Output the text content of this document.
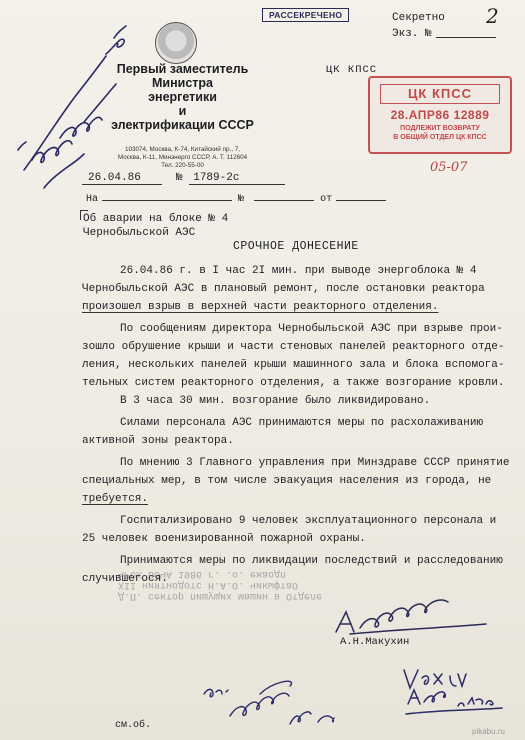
Первый заместитель
Министра
энергетики
и
электрификации СССР
103074, Москва, К-74, Китайский пр., 7,
Москва, К-11, Минэнерго СССР, А. Т. 112604
Тел. 220-55-00
РАССЕКРЕЧЕНО	Секретно
Экз. №
2
ЦК КПСС
ЦК КПСС
28.АПР86 12889
ПОДЛЕЖИТ ВОЗВРАТУ
В ОБЩИЙ ОТДЕЛ ЦК КПСС
05-07
26.04.86	№ 1789-2с
На	№	от
Об аварии на блоке № 4
Чернобыльской АЭС
СРОЧНОЕ ДОНЕСЕНИЕ
26.04.86 г. в I час 2I мин. при выводе энергоблока № 4
Чернобыльской АЭС в плановый ремонт, после остановки реактора
произошел взрыв в верхней части реакторного отделения.
По сообщениям директора Чернобыльской АЭС при взрыве прои-
зошло обрушение крыши и части стеновых панелей реакторного отде-
ления, нескольких панелей крыши машинного зала и блока вспомога-
тельных систем реакторного отделения, а также возгорание кровли.
В 3 часа 30 мин. возгорание было ликвидировано.
Силами персонала АЭС принимаются меры по расхолаживанию
активной зоны реактора.
По мнению 3 Главного управления при Минздраве СССР принятие
специальных мер, в том числе эвакуация населения из города, не
требуется.
Госпитализировано 9 человек эксплуатационного персонала и
25 человек военизированной пожарной охраны.
Принимаются меры по ликвидации последствий и расследованию
случившегося.
Д.П. сектор пишущих машин в Отделе
ХII ниятнодотс Н.А.О. чикыфтаО
ЧРОХ ВОЧА 1986 г. .о. ежаодп
А.Н.Макухин
см.об.
pikabu.ru
